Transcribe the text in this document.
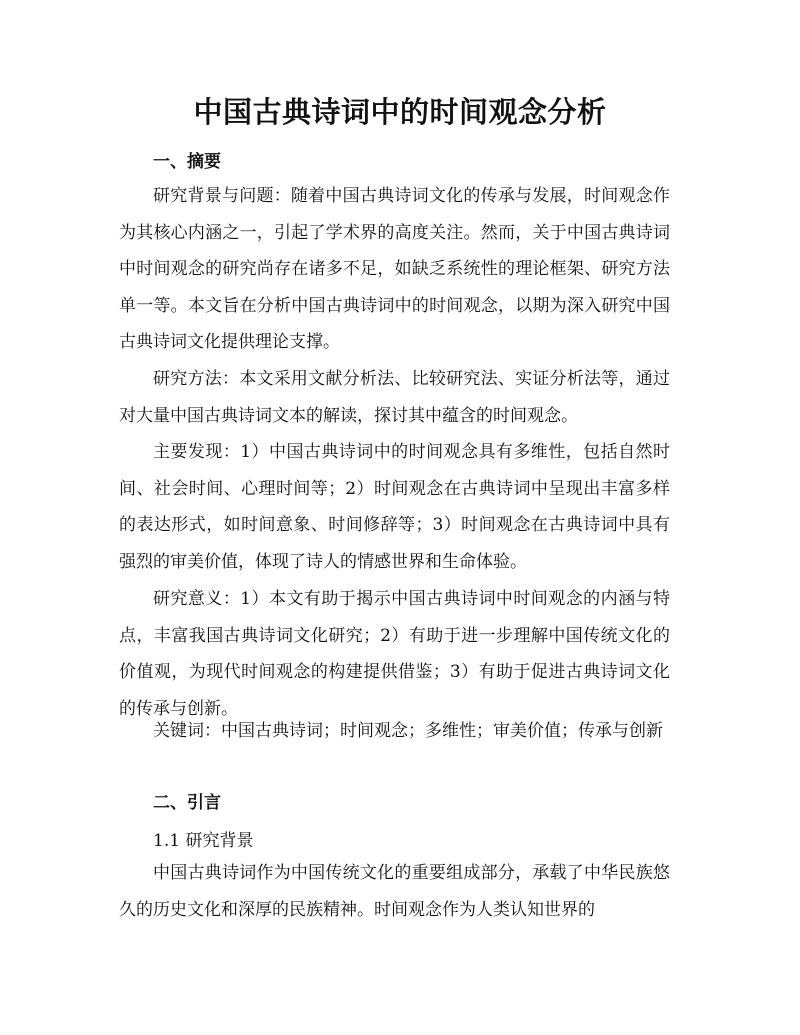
中国古典诗词中的时间观念分析
一、摘要

研究背景与问题：随着中国古典诗词文化的传承与发展，时间观念作为其核心内涵之一，引起了学术界的高度关注。然而，关于中国古典诗词中时间观念的研究尚存在诸多不足，如缺乏系统性的理论框架、研究方法单一等。本文旨在分析中国古典诗词中的时间观念，以期为深入研究中国古典诗词文化提供理论支撑。

研究方法：本文采用文献分析法、比较研究法、实证分析法等，通过对大量中国古典诗词文本的解读，探讨其中蕴含的时间观念。

主要发现：1）中国古典诗词中的时间观念具有多维性，包括自然时间、社会时间、心理时间等；2）时间观念在古典诗词中呈现出丰富多样的表达形式，如时间意象、时间修辞等；3）时间观念在古典诗词中具有强烈的审美价值，体现了诗人的情感世界和生命体验。

研究意义：1）本文有助于揭示中国古典诗词中时间观念的内涵与特点，丰富我国古典诗词文化研究；2）有助于进一步理解中国传统文化的价值观，为现代时间观念的构建提供借鉴；3）有助于促进古典诗词文化的传承与创新。

关键词：中国古典诗词；时间观念；多维性；审美价值；传承与创新

二、引言

1.1 研究背景

中国古典诗词作为中国传统文化的重要组成部分，承载了中华民族悠久的历史文化和深厚的民族精神。时间观念作为人类认知世界的
